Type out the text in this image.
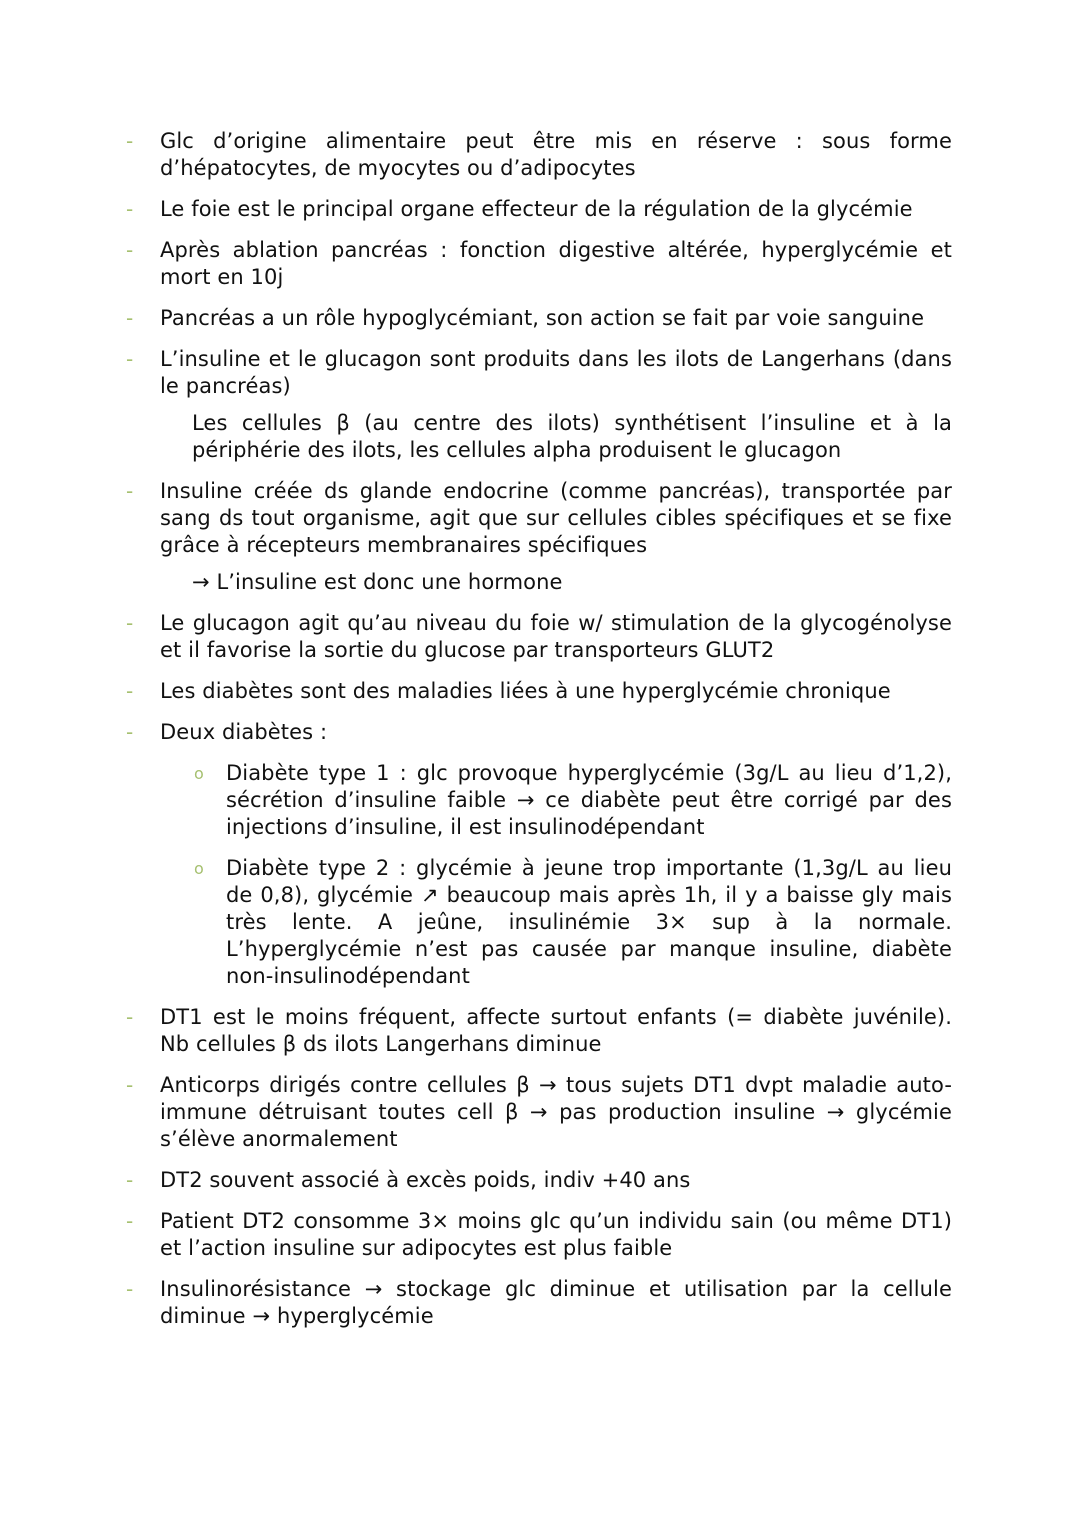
- Glc d’origine alimentaire peut être mis en réserve : sous forme d’hépatocytes, de myocytes ou d’adipocytes
- Le foie est le principal organe effecteur de la régulation de la glycémie
- Après ablation pancréas : fonction digestive altérée, hyperglycémie et mort en 10j
- Pancréas a un rôle hypoglycémiant, son action se fait par voie sanguine
- L’insuline et le glucagon sont produits dans les ilots de Langerhans (dans le pancréas)
Les cellules β (au centre des ilots) synthétisent l’insuline et à la périphérie des ilots, les cellules alpha produisent le glucagon
- Insuline créée ds glande endocrine (comme pancréas), transportée par sang ds tout organisme, agit que sur cellules cibles spécifiques et se fixe grâce à récepteurs membranaires spécifiques
→ L’insuline est donc une hormone
- Le glucagon agit qu’au niveau du foie w/ stimulation de la glycogénolyse et il favorise la sortie du glucose par transporteurs GLUT2
- Les diabètes sont des maladies liées à une hyperglycémie chronique
- Deux diabètes :
o Diabète type 1 : glc provoque hyperglycémie (3g/L au lieu d’1,2), sécrétion d’insuline faible → ce diabète peut être corrigé par des injections d’insuline, il est insulinodépendant
o Diabète type 2 : glycémie à jeune trop importante (1,3g/L au lieu de 0,8), glycémie ↗ beaucoup mais après 1h, il y a baisse gly mais très lente. A jeûne, insulinémie 3× sup à la normale. L’hyperglycémie n’est pas causée par manque insuline, diabète non-insulinodépendant
- DT1 est le moins fréquent, affecte surtout enfants (= diabète juvénile). Nb cellules β ds ilots Langerhans diminue
- Anticorps dirigés contre cellules β → tous sujets DT1 dvpt maladie auto-immune détruisant toutes cell β → pas production insuline → glycémie s’élève anormalement
- DT2 souvent associé à excès poids, indiv +40 ans
- Patient DT2 consomme 3× moins glc qu’un individu sain (ou même DT1) et l’action insuline sur adipocytes est plus faible
- Insulinorésistance → stockage glc diminue et utilisation par la cellule diminue → hyperglycémie
